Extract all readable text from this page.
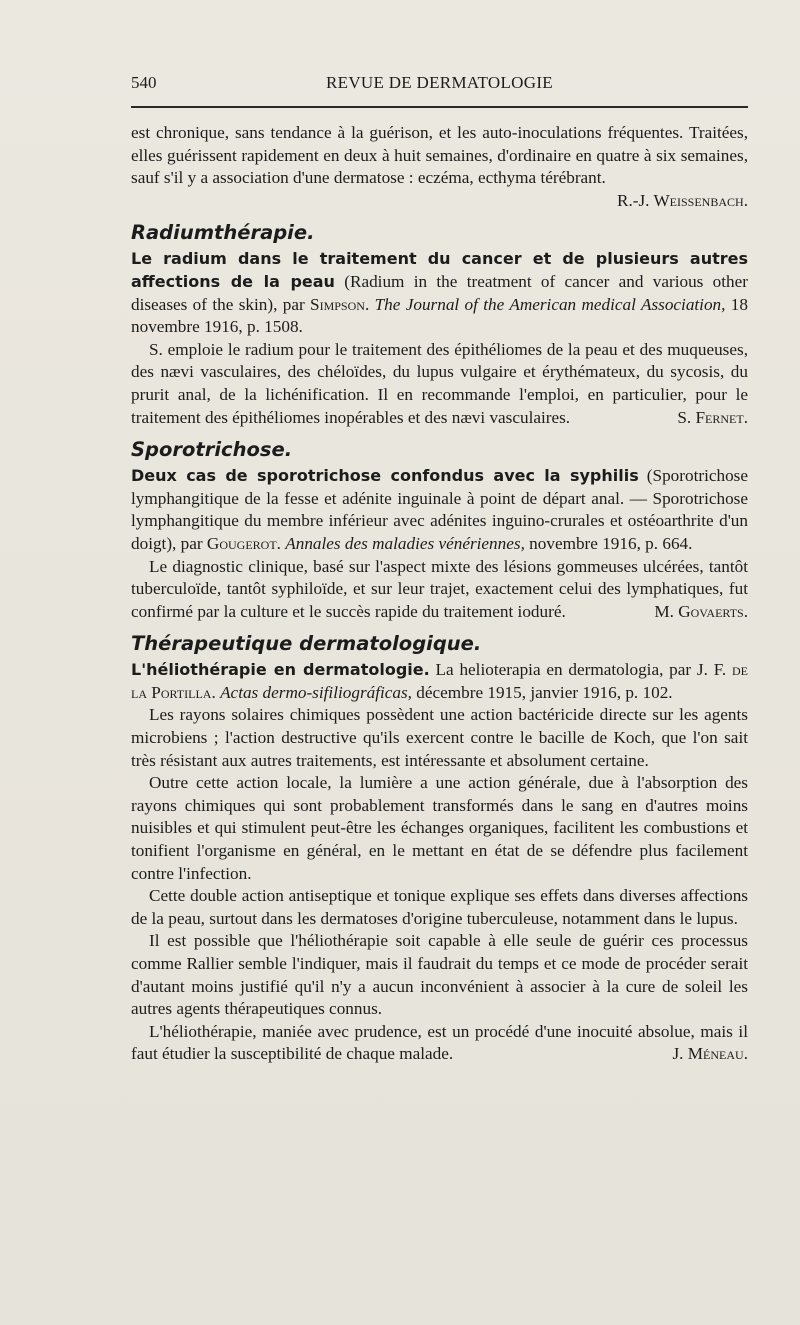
540	REVUE DE DERMATOLOGIE

est chronique, sans tendance à la guérison, et les auto-inoculations fréquentes. Traitées, elles guérissent rapidement en deux à huit semaines, d'ordinaire en quatre à six semaines, sauf s'il y a association d'une dermatose : eczéma, ecthyma térébrant.
R.-J. Weissenbach.

Radiumthérapie.

Le radium dans le traitement du cancer et de plusieurs autres affections de la peau (Radium in the treatment of cancer and various other diseases of the skin), par Simpson. The Journal of the American medical Association, 18 novembre 1916, p. 1508.

S. emploie le radium pour le traitement des épithéliomes de la peau et des muqueuses, des nævi vasculaires, des chéloïdes, du lupus vulgaire et érythémateux, du sycosis, du prurit anal, de la lichénification. Il en recommande l'emploi, en particulier, pour le traitement des épithéliomes inopérables et des nævi vasculaires.	S. Fernet.

Sporotrichose.

Deux cas de sporotrichose confondus avec la syphilis (Sporotrichose lymphangitique de la fesse et adénite inguinale à point de départ anal. — Sporotrichose lymphangitique du membre inférieur avec adénites inguino-crurales et ostéoarthrite d'un doigt), par Gougerot. Annales des maladies vénériennes, novembre 1916, p. 664.

Le diagnostic clinique, basé sur l'aspect mixte des lésions gommeuses ulcérées, tantôt tuberculoïde, tantôt syphiloïde, et sur leur trajet, exactement celui des lymphatiques, fut confirmé par la culture et le succès rapide du traitement ioduré.	M. Govaerts.

Thérapeutique dermatologique.

L'héliothérapie en dermatologie. La helioterapia en dermatologia, par J. F. de la Portilla. Actas dermo-sifiliográficas, décembre 1915, janvier 1916, p. 102.

Les rayons solaires chimiques possèdent une action bactéricide directe sur les agents microbiens ; l'action destructive qu'ils exercent contre le bacille de Koch, que l'on sait très résistant aux autres traitements, est intéressante et absolument certaine.

Outre cette action locale, la lumière a une action générale, due à l'absorption des rayons chimiques qui sont probablement transformés dans le sang en d'autres moins nuisibles et qui stimulent peut-être les échanges organiques, facilitent les combustions et tonifient l'organisme en général, en le mettant en état de se défendre plus facilement contre l'infection.

Cette double action antiseptique et tonique explique ses effets dans diverses affections de la peau, surtout dans les dermatoses d'origine tuberculeuse, notamment dans le lupus.

Il est possible que l'héliothérapie soit capable à elle seule de guérir ces processus comme Rallier semble l'indiquer, mais il faudrait du temps et ce mode de procéder serait d'autant moins justifié qu'il n'y a aucun inconvénient à associer à la cure de soleil les autres agents thérapeutiques connus.

L'héliothérapie, maniée avec prudence, est un procédé d'une inocuité absolue, mais il faut étudier la susceptibilité de chaque malade.	J. Méneau.
